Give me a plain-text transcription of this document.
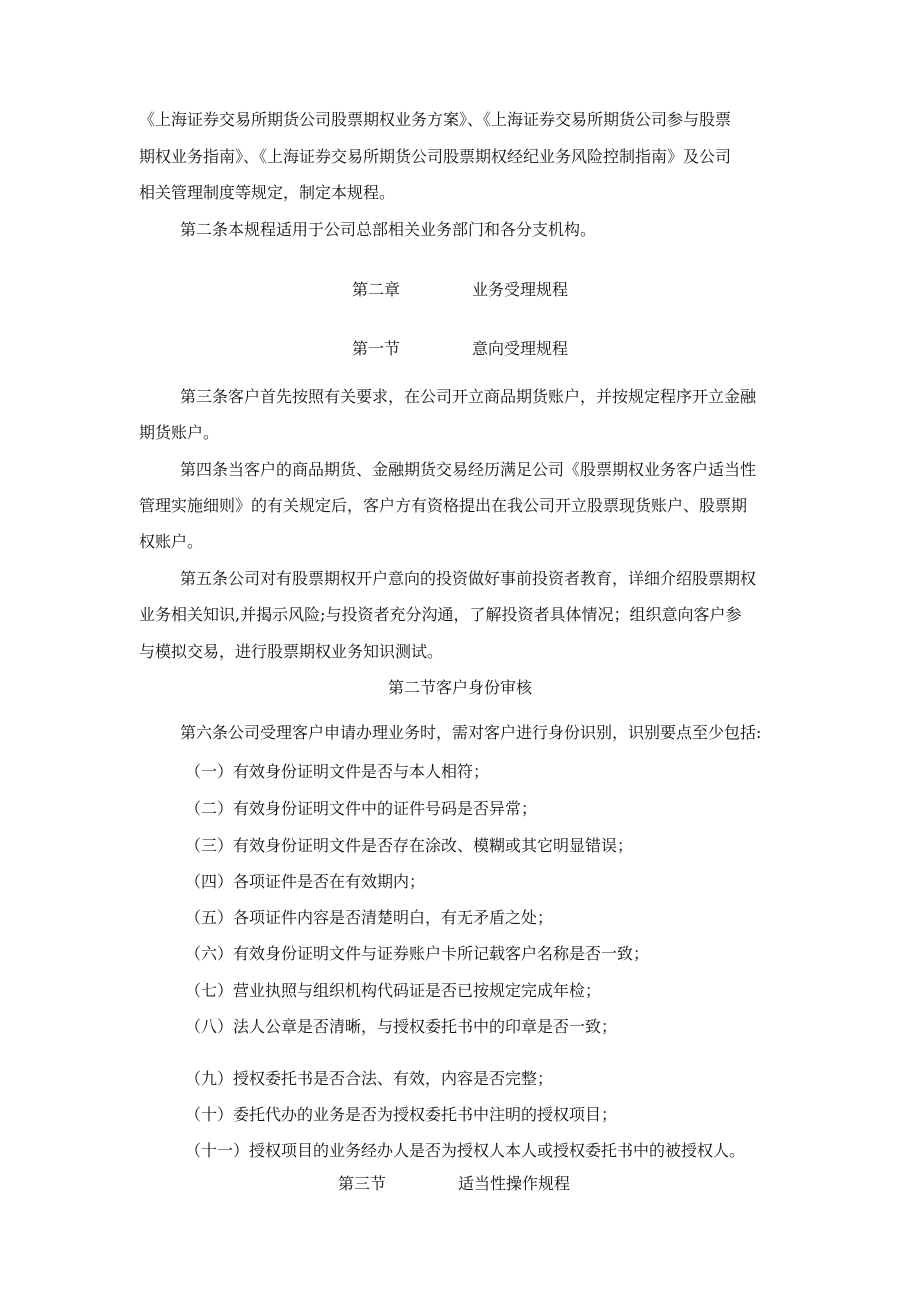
《上海证券交易所期货公司股票期权业务方案》、《上海证券交易所期货公司参与股票
期权业务指南》、《上海证券交易所期货公司股票期权经纪业务风险控制指南》及公司
相关管理制度等规定，制定本规程。
第二条本规程适用于公司总部相关业务部门和各分支机构。
第二章	业务受理规程
第一节	意向受理规程
第三条客户首先按照有关要求，在公司开立商品期货账户，并按规定程序开立金融
期货账户。
第四条当客户的商品期货、金融期货交易经历满足公司《股票期权业务客户适当性
管理实施细则》的有关规定后，客户方有资格提出在我公司开立股票现货账户、股票期
权账户。
第五条公司对有股票期权开户意向的投资做好事前投资者教育，详细介绍股票期权
业务相关知识,并揭示风险;与投资者充分沟通，了解投资者具体情况；组织意向客户参
与模拟交易，进行股票期权业务知识测试。
第二节客户身份审核
第六条公司受理客户申请办理业务时，需对客户进行身份识别，识别要点至少包括:
（一）有效身份证明文件是否与本人相符；
（二）有效身份证明文件中的证件号码是否异常；
（三）有效身份证明文件是否存在涂改、模糊或其它明显错误；
（四）各项证件是否在有效期内；
（五）各项证件内容是否清楚明白，有无矛盾之处；
（六）有效身份证明文件与证券账户卡所记载客户名称是否一致；
（七）营业执照与组织机构代码证是否已按规定完成年检；
（八）法人公章是否清晰，与授权委托书中的印章是否一致；
（九）授权委托书是否合法、有效，内容是否完整；
（十）委托代办的业务是否为授权委托书中注明的授权项目；
（十一）授权项目的业务经办人是否为授权人本人或授权委托书中的被授权人。
第三节	适当性操作规程
